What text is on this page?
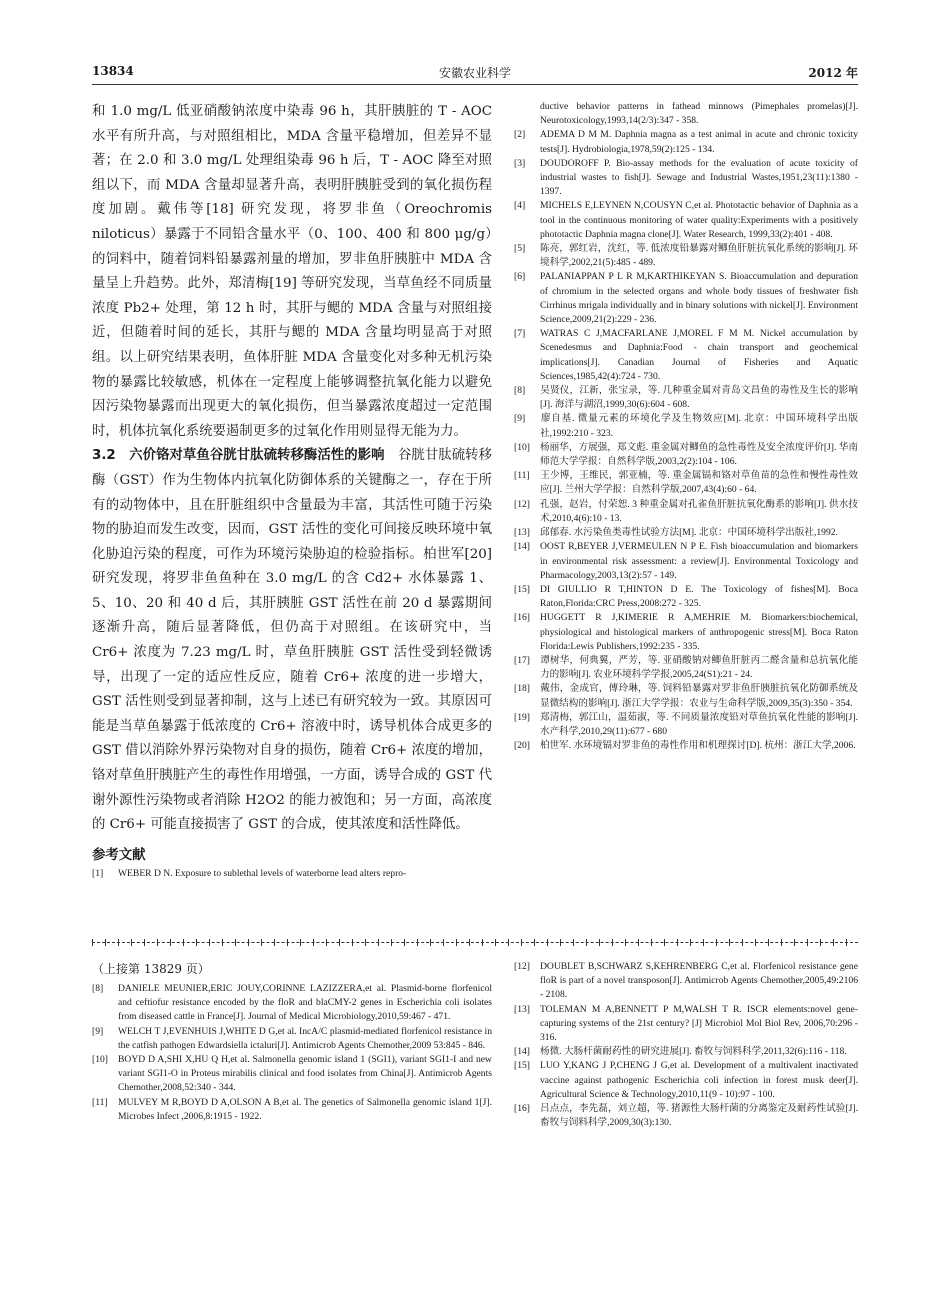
13834	安徽农业科学	2012 年

和 1.0 mg/L 低亚硝酸钠浓度中染毒 96 h，其肝胰脏的 T - AOC 水平有所升高，与对照组相比，MDA 含量平稳增加，但差异不显著；在 2.0 和 3.0 mg/L 处理组染毒 96 h 后，T - AOC 降至对照组以下，而 MDA 含量却显著升高，表明肝胰脏受到的氧化损伤程度加剧。戴伟等[18] 研究发现，将罗非鱼（Oreochromis niloticus）暴露于不同铅含量水平（0、100、400 和 800 μg/g）的饲料中，随着饲料铅暴露剂量的增加，罗非鱼肝胰脏中 MDA 含量呈上升趋势。此外，郑清梅[19] 等研究发现，当草鱼经不同质量浓度 Pb2+ 处理，第 12 h 时，其肝与鳃的 MDA 含量与对照组接近，但随着时间的延长，其肝与鳃的 MDA 含量均明显高于对照组。以上研究结果表明，鱼体肝脏 MDA 含量变化对多种无机污染物的暴露比较敏感，机体在一定程度上能够调整抗氧化能力以避免因污染物暴露而出现更大的氧化损伤，但当暴露浓度超过一定范围时，机体抗氧化系统要遏制更多的过氧化作用则显得无能为力。

3.2　六价铬对草鱼谷胱甘肽硫转移酶活性的影响　谷胱甘肽硫转移酶（GST）作为生物体内抗氧化防御体系的关键酶之一，存在于所有的动物体中，且在肝脏组织中含量最为丰富，其活性可随于污染物的胁迫而发生改变，因而，GST 活性的变化可间接反映环境中氧化胁迫污染的程度，可作为环境污染胁迫的检验指标。柏世军[20] 研究发现，将罗非鱼鱼种在 3.0 mg/L 的含 Cd2+ 水体暴露 1、5、10、20 和 40 d 后，其肝胰脏 GST 活性在前 20 d 暴露期间逐渐升高，随后显著降低，但仍高于对照组。在该研究中，当 Cr6+ 浓度为 7.23 mg/L 时，草鱼肝胰脏 GST 活性受到轻微诱导，出现了一定的适应性反应，随着 Cr6+ 浓度的进一步增大，GST 活性则受到显著抑制，这与上述已有研究较为一致。其原因可能是当草鱼暴露于低浓度的 Cr6+ 溶液中时，诱导机体合成更多的 GST 借以消除外界污染物对自身的损伤，随着 Cr6+ 浓度的增加，铬对草鱼肝胰脏产生的毒性作用增强，一方面，诱导合成的 GST 代谢外源性污染物或者消除 H2O2 的能力被饱和；另一方面，高浓度的 Cr6+ 可能直接损害了 GST 的合成，使其浓度和活性降低。

参考文献

[1] WEBER D N. Exposure to sublethal levels of waterborne lead alters repro-

ductive behavior patterns in fathead minnows (Pimephales promelas)[J]. Neurotoxicology,1993,14(2/3):347 - 358.

[2] ADEMA D M M. Daphnia magna as a test animal in acute and chronic toxicity tests[J]. Hydrobiologia,1978,59(2):125 - 134.

[3] DOUDOROFF P. Bio-assay methods for the evaluation of acute toxicity of industrial wastes to fish[J]. Sewage and Industrial Wastes,1951,23(11):1380 - 1397.

[4] MICHELS E,LEYNEN N,COUSYN C,et al. Phototactic behavior of Daphnia as a tool in the continuous monitoring of water quality:Experiments with a positively phototactic Daphnia magna clone[J]. Water Research, 1999,33(2):401 - 408.

[5] 陈亮，郭红岩，沈红，等. 低浓度铅暴露对鲫鱼肝脏抗氧化系统的影响[J]. 环境科学,2002,21(5):485 - 489.

[6] PALANIAPPAN P L R M,KARTHIKEYAN S. Bioaccumulation and depuration of chromium in the selected organs and whole body tissues of freshwater fish Cirrhinus mrigala individually and in binary solutions with nickel[J]. Environment Science,2009,21(2):229 - 236.

[7] WATRAS C J,MACFARLANE J,MOREL F M M. Nickel accumulation by Scenedesmus and Daphnia:Food - chain transport and geochemical implications[J]. Canadian Journal of Fisheries and Aquatic Sciences,1985,42(4):724 - 730.

[8] 吴贤仪，江新，张宝录，等. 几种重金属对青岛文昌鱼的毒性及生长的影响[J]. 海洋与湖沼,1999,30(6):604 - 608.

[9] 廖自基. 微量元素的环境化学及生物效应[M]. 北京：中国环境科学出版社,1992:210 - 323.

[10] 杨丽华，方展强，郑文彪. 重金属对鲫鱼的急性毒性及安全浓度评价[J]. 华南师范大学学报：自然科学版,2003,2(2):104 - 106.

[11] 王少博，王维民，郭亚楠，等. 重金属镉和铬对草鱼苗的急性和慢性毒性效应[J]. 兰州大学学报：自然科学版,2007,43(4):60 - 64.

[12] 孔强，赵岩，付荣恕. 3 种重金属对孔雀鱼肝脏抗氧化酶系的影响[J]. 供水技术,2010,4(6):10 - 13.

[13] 邱郁春. 水污染鱼类毒性试验方法[M]. 北京：中国环境科学出版社,1992.

[14] OOST R,BEYER J,VERMEULEN N P E. Fish bioaccumulation and biomarkers in environmental risk assessment: a review[J]. Environmental Toxicology and Pharmacology,2003,13(2):57 - 149.

[15] DI GIULLIO R T,HINTON D E. The Toxicology of fishes[M]. Boca Raton,Florida:CRC Press,2008:272 - 325.

[16] HUGGETT R J,KIMERIE R A,MEHRIE M. Biomarkers:biochemical, physiological and histological markers of anthropogenic stress[M]. Boca Raton Florida:Lewis Publishers,1992:235 - 335.

[17] 谭树华，何典翼，严芳，等. 亚硝酸钠对鲫鱼肝脏丙二醛含量和总抗氧化能力的影响[J]. 农业环境科学学报,2005,24(S1):21 - 24.

[18] 戴伟，金成官，傅玲琳，等. 饲料铅暴露对罗非鱼肝胰脏抗氧化防御系统及显微结构的影响[J]. 浙江大学学报：农业与生命科学版,2009,35(3):350 - 354.

[19] 郑清梅，郭江山，温茹淑，等. 不同质量浓度铅对草鱼抗氧化性能的影响[J]. 水产科学,2010,29(11):677 - 680

[20] 柏世军. 水环境镉对罗非鱼的毒性作用和机理探讨[D]. 杭州：浙江大学,2006.

（上接第 13829 页）

[8] DANIELE MEUNIER,ERIC JOUY,CORINNE LAZIZZERA,et al. Plasmid-borne florfenicol and ceftiofur resistance encoded by the floR and blaCMY-2 genes in Escherichia coli isolates from diseased cattle in France[J]. Journal of Medical Microbiology,2010,59:467 - 471.

[9] WELCH T J,EVENHUIS J,WHITE D G,et al. IncA/C plasmid-mediated florfenicol resistance in the catfish pathogen Edwardsiella ictaluri[J]. Antimicrob Agents Chemother,2009 53:845 - 846.

[10] BOYD D A,SHI X,HU Q H,et al. Salmonella genomic island 1 (SGI1), variant SGI1-I and new variant SGI1-O in Proteus mirabilis clinical and food isolates from China[J]. Antimicrob Agents Chemother,2008,52:340 - 344.

[11] MULVEY M R,BOYD D A,OLSON A B,et al. The genetics of Salmonella genomic island 1[J]. Microbes Infect ,2006,8:1915 - 1922.

[12] DOUBLET B,SCHWARZ S,KEHRENBERG C,et al. Florfenicol resistance gene floR is part of a novel transposon[J]. Antimicrob Agents Chemother,2005,49:2106 - 2108.

[13] TOLEMAN M A,BENNETT P M,WALSH T R. ISCR elements:novel gene-capturing systems of the 21st century? [J] Microbiol Mol Biol Rev, 2006,70:296 - 316.

[14] 杨微. 大肠杆菌耐药性的研究进展[J]. 畜牧与饲料科学,2011,32(6):116 - 118.

[15] LUO Y,KANG J P,CHENG J G,et al. Development of a multivalent inactivated vaccine against pathogenic Escherichia coli infection in forest musk deer[J]. Agricultural Science & Technology,2010,11(9 - 10):97 - 100.

[16] 吕点点，李先磊，刘立超，等. 猪源性大肠杆菌的分离鉴定及耐药性试验[J]. 畜牧与饲料科学,2009,30(3):130.
